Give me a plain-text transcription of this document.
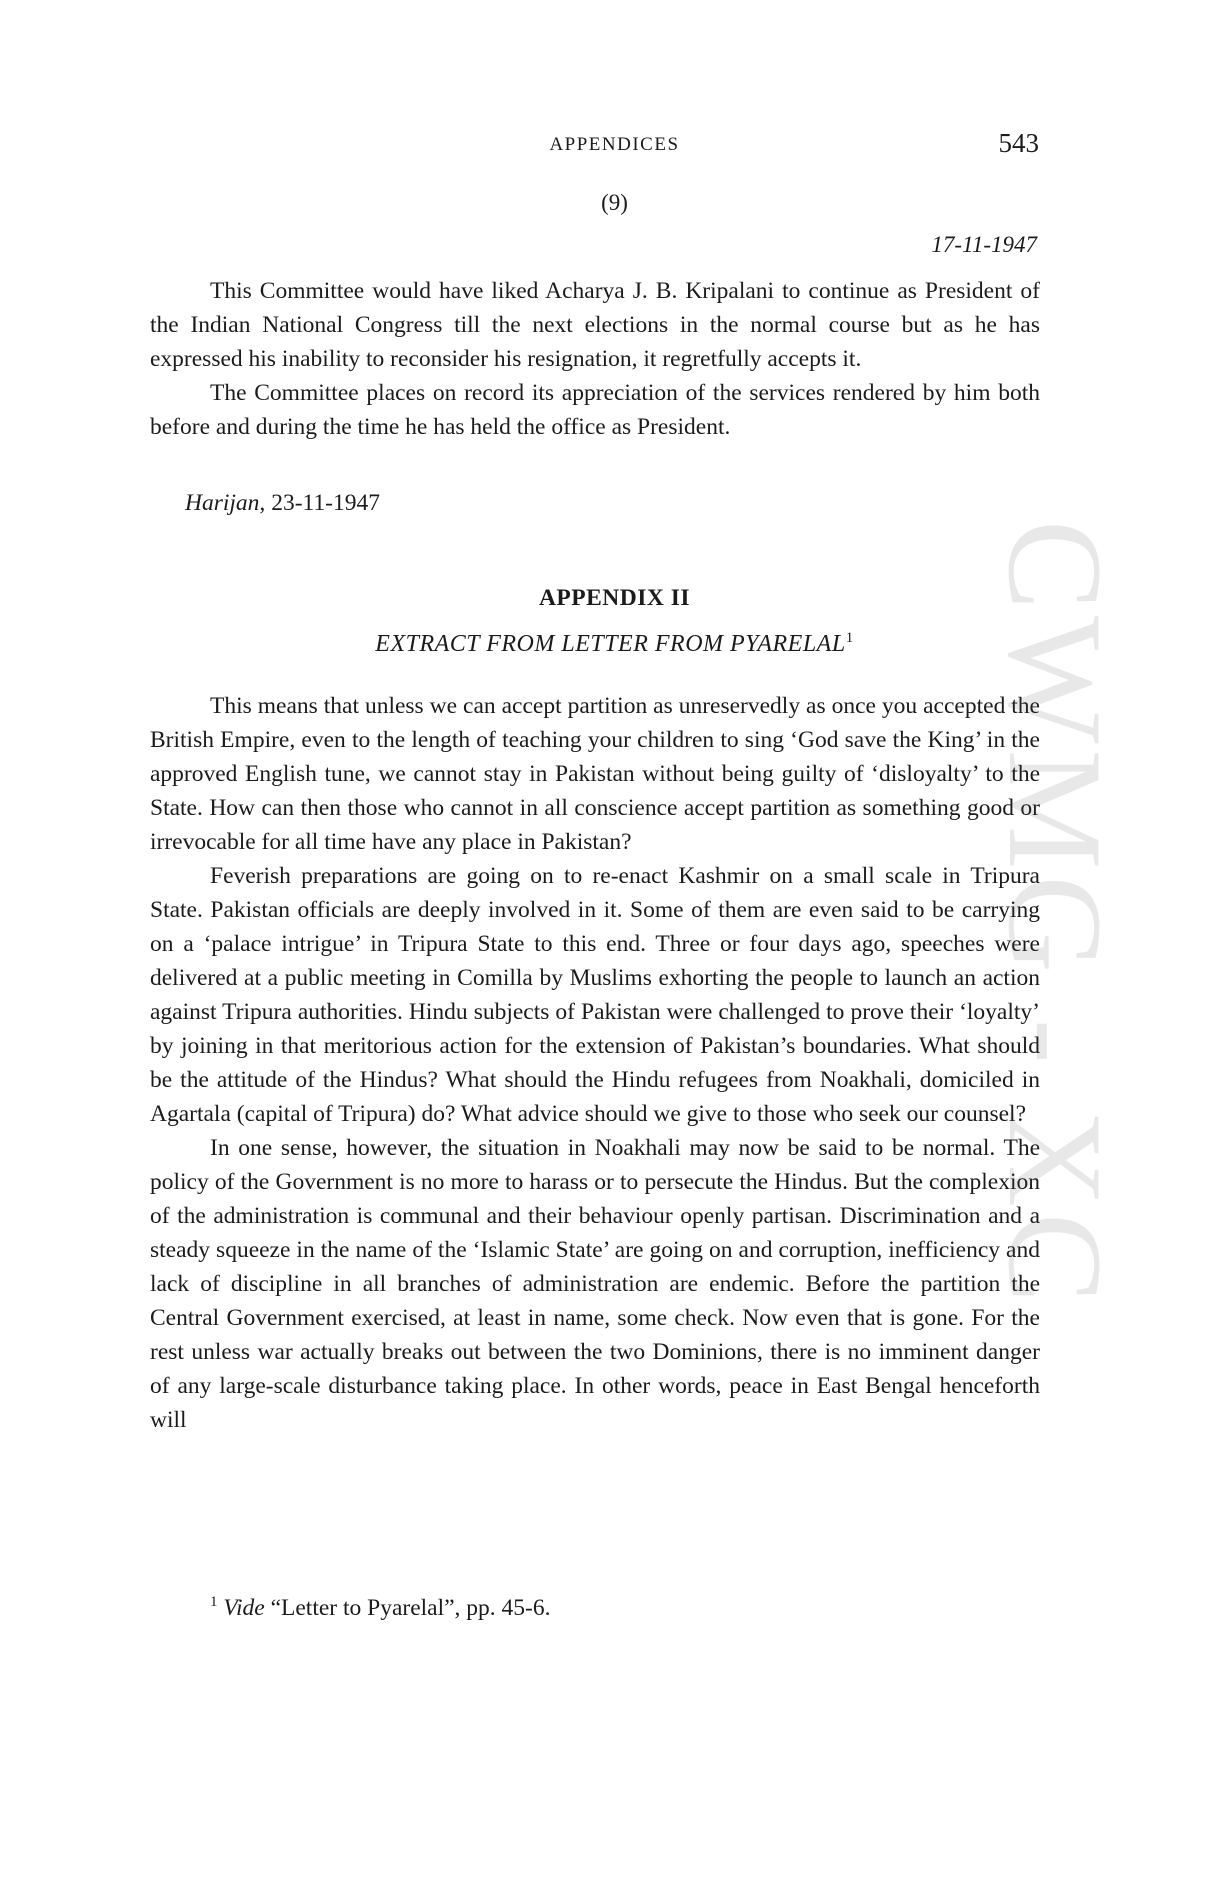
APPENDICES	543
(9)
17-11-1947

This Committee would have liked Acharya J. B. Kripalani to continue as President of the Indian National Congress till the next elections in the normal course but as he has expressed his inability to reconsider his resignation, it regretfully accepts it.

The Committee places on record its appreciation of the services rendered by him both before and during the time he has held the office as President.

Harijan, 23-11-1947
APPENDIX II
EXTRACT FROM LETTER FROM PYARELAL$^1$

This means that unless we can accept partition as unreservedly as once you accepted the British Empire, even to the length of teaching your children to sing ‘God save the King’ in the approved English tune, we cannot stay in Pakistan without being guilty of ‘disloyalty’ to the State. How can then those who cannot in all conscience accept partition as something good or irrevocable for all time have any place in Pakistan?

Feverish preparations are going on to re-enact Kashmir on a small scale in Tripura State. Pakistan officials are deeply involved in it. Some of them are even said to be carrying on a ‘palace intrigue’ in Tripura State to this end. Three or four days ago, speeches were delivered at a public meeting in Comilla by Muslims exhorting the people to launch an action against Tripura authorities. Hindu subjects of Pakistan were challenged to prove their ‘loyalty’ by joining in that meritorious action for the extension of Pakistan’s boundaries. What should be the attitude of the Hindus? What should the Hindu refugees from Noakhali, domiciled in Agartala (capital of Tripura) do? What advice should we give to those who seek our counsel?

In one sense, however, the situation in Noakhali may now be said to be normal. The policy of the Government is no more to harass or to persecute the Hindus. But the complexion of the administration is communal and their behaviour openly partisan. Discrimination and a steady squeeze in the name of the ‘Islamic State’ are going on and corruption, inefficiency and lack of discipline in all branches of administration are endemic. Before the partition the Central Government exercised, at least in name, some check. Now even that is gone. For the rest unless war actually breaks out between the two Dominions, there is no imminent danger of any large-scale disturbance taking place. In other words, peace in East Bengal henceforth will

$^1$ Vide “Letter to Pyarelal”, pp. 45-6.
CWMG - XC
